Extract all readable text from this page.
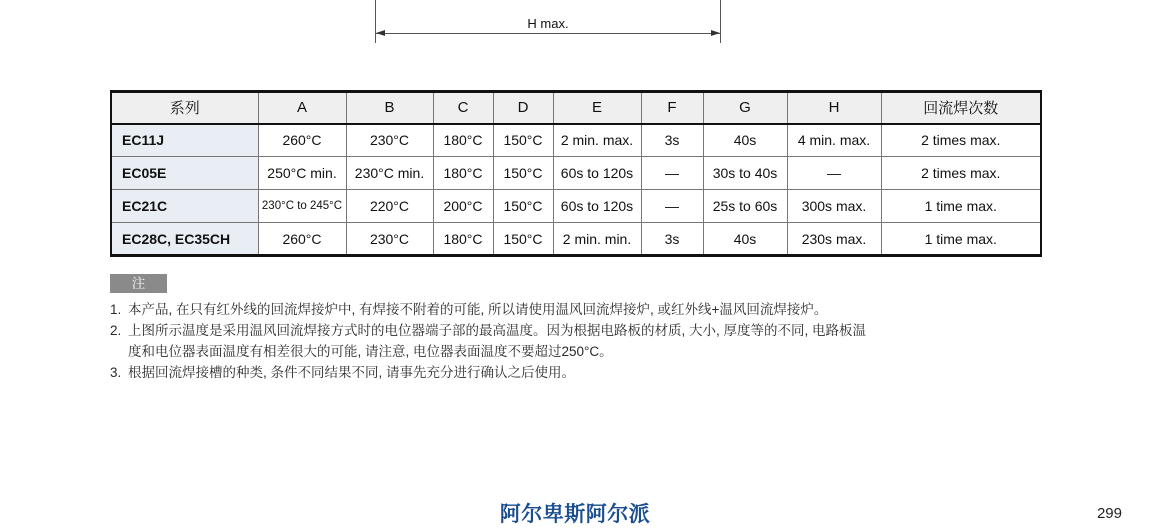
H max.
系列	A	B	C	D	E	F	G	H	回流焊次数
EC11J	260°C	230°C	180°C	150°C	2 min. max.	3s	40s	4 min. max.	2 times max.
EC05E	250°C min.	230°C min.	180°C	150°C	60s to 120s	—	30s to 40s	—	2 times max.
EC21C	230°C to 245°C	220°C	200°C	150°C	60s to 120s	—	25s to 60s	300s max.	1 time max.
EC28C, EC35CH	260°C	230°C	180°C	150°C	2 min. min.	3s	40s	230s max.	1 time max.
注
1. 本产品, 在只有红外线的回流焊接炉中, 有焊接不附着的可能, 所以请使用温风回流焊接炉, 或红外线+温风回流焊接炉。
2. 上图所示温度是采用温风回流焊接方式时的电位器端子部的最高温度。因为根据电路板的材质, 大小, 厚度等的不同, 电路板温度和电位器表面温度有相差很大的可能, 请注意, 电位器表面温度不要超过250°C。
3. 根据回流焊接槽的种类, 条件不同结果不同, 请事先充分进行确认之后使用。
阿尔卑斯阿尔派	299
